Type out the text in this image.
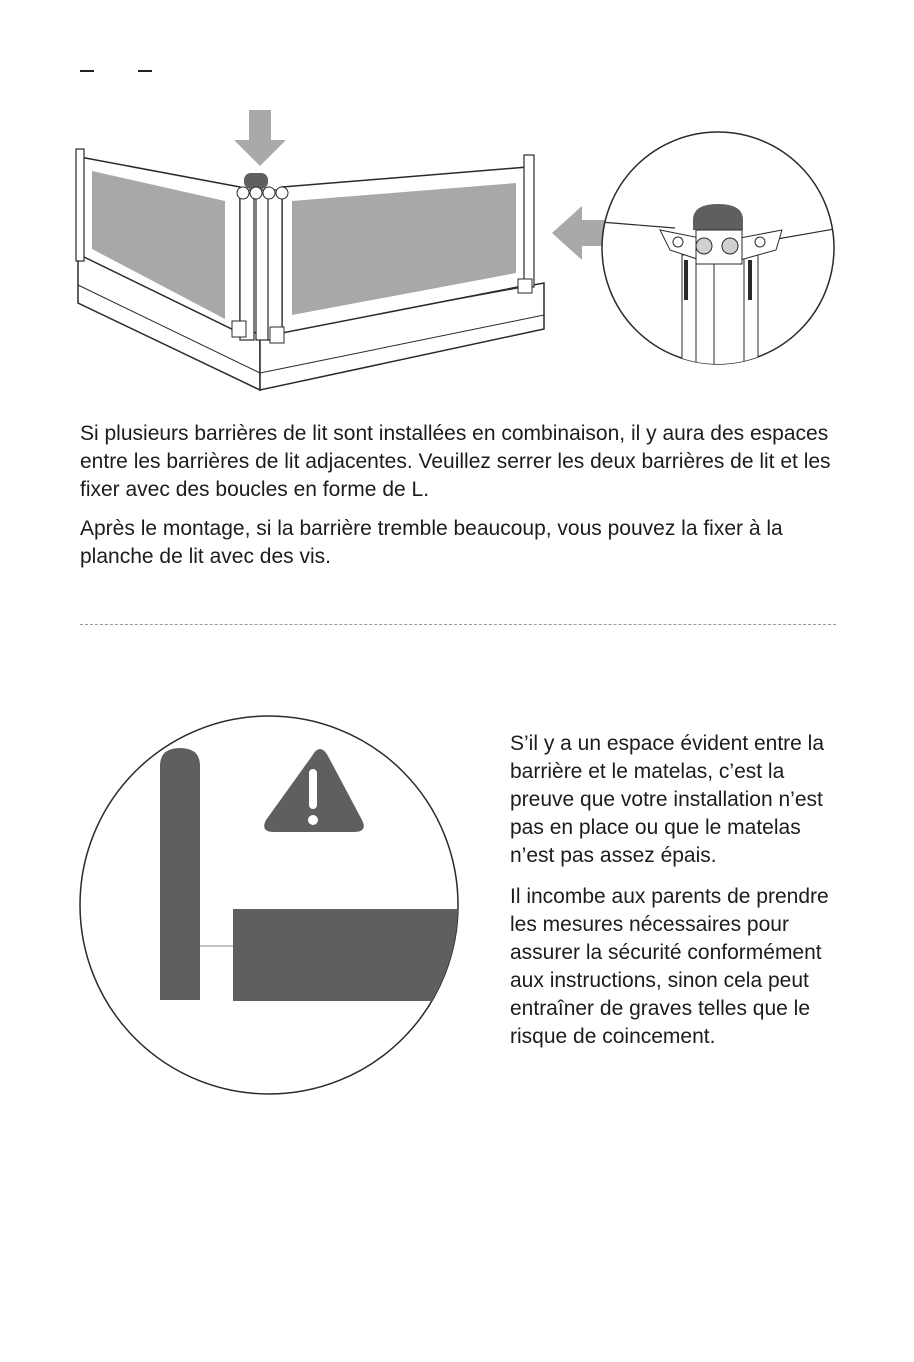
Si plusieurs barrières de lit sont installées en combinaison, il y aura des espaces entre les barrières de lit adjacentes. Veuillez serrer les deux barrières de lit et les fixer avec des boucles en forme de L.

Après le montage, si la barrière tremble beaucoup, vous pouvez la fixer à la planche de lit avec des vis.

S’il y a un espace évident entre la barrière et le matelas, c’est la preuve que votre installation n’est pas en place ou que le matelas n’est pas assez épais.

Il incombe aux parents de prendre les mesures nécessaires pour assurer la sécurité conformément aux instructions, sinon cela peut entraîner de graves telles que le risque de coincement.
